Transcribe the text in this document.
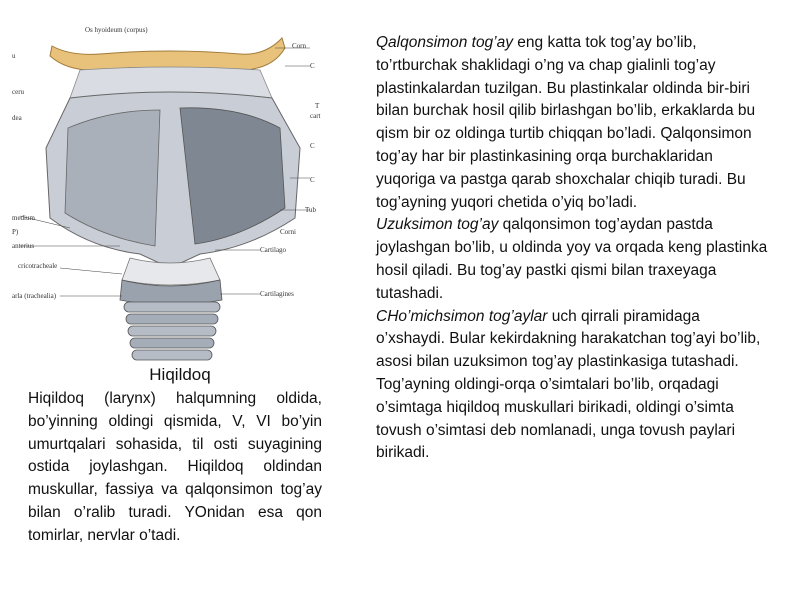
Os hyoideum (corpus)
Corn
C
T
cart
C
C
Tub
Corni
Cartilago
Cartilagines
u
ceru
dea
medium
P)
anterius
cricotracheale
arla (trachealia)
Hiqildoq

Hiqildoq (larynx) halqumning oldida, bo’yinning oldingi qismida, V, VI bo’yin umurtqalari sohasida, til osti suyagining ostida joylashgan. Hiqildoq oldindan muskullar, fassiya va qalqonsimon tog’ay bilan o’ralib turadi. YOnidan esa qon tomirlar, nervlar o’tadi.

Qalqonsimon tog’ay eng katta tok tog’ay bo’lib, to’rtburchak shaklidagi o’ng va chap gialinli tog’ay plastinkalardan tuzilgan. Bu plastinkalar oldinda bir-biri bilan burchak hosil qilib birlashgan bo’lib, erkaklarda bu qism bir oz oldinga turtib chiqqan bo’ladi. Qalqonsimon tog’ay har bir plastinkasining orqa burchaklaridan yuqoriga va pastga qarab shoxchalar chiqib turadi. Bu tog’ayning yuqori chetida o’yiq bo’ladi.
Uzuksimon tog’ay qalqonsimon tog’aydan pastda joylashgan bo’lib, u oldinda yoy va orqada keng plastinka hosil qiladi. Bu tog’ay pastki qismi bilan traxeyaga tutashadi.
CHo’michsimon tog’aylar uch qirrali piramidaga o’xshaydi. Bular kekirdakning harakatchan tog’ayi bo’lib, asosi bilan uzuksimon tog’ay plastinkasiga tutashadi. Tog’ayning oldingi-orqa o’simtalari bo’lib, orqadagi o’simtaga hiqildoq muskullari birikadi, oldingi o’simta tovush o’simtasi deb nomlanadi, unga tovush paylari birikadi.
